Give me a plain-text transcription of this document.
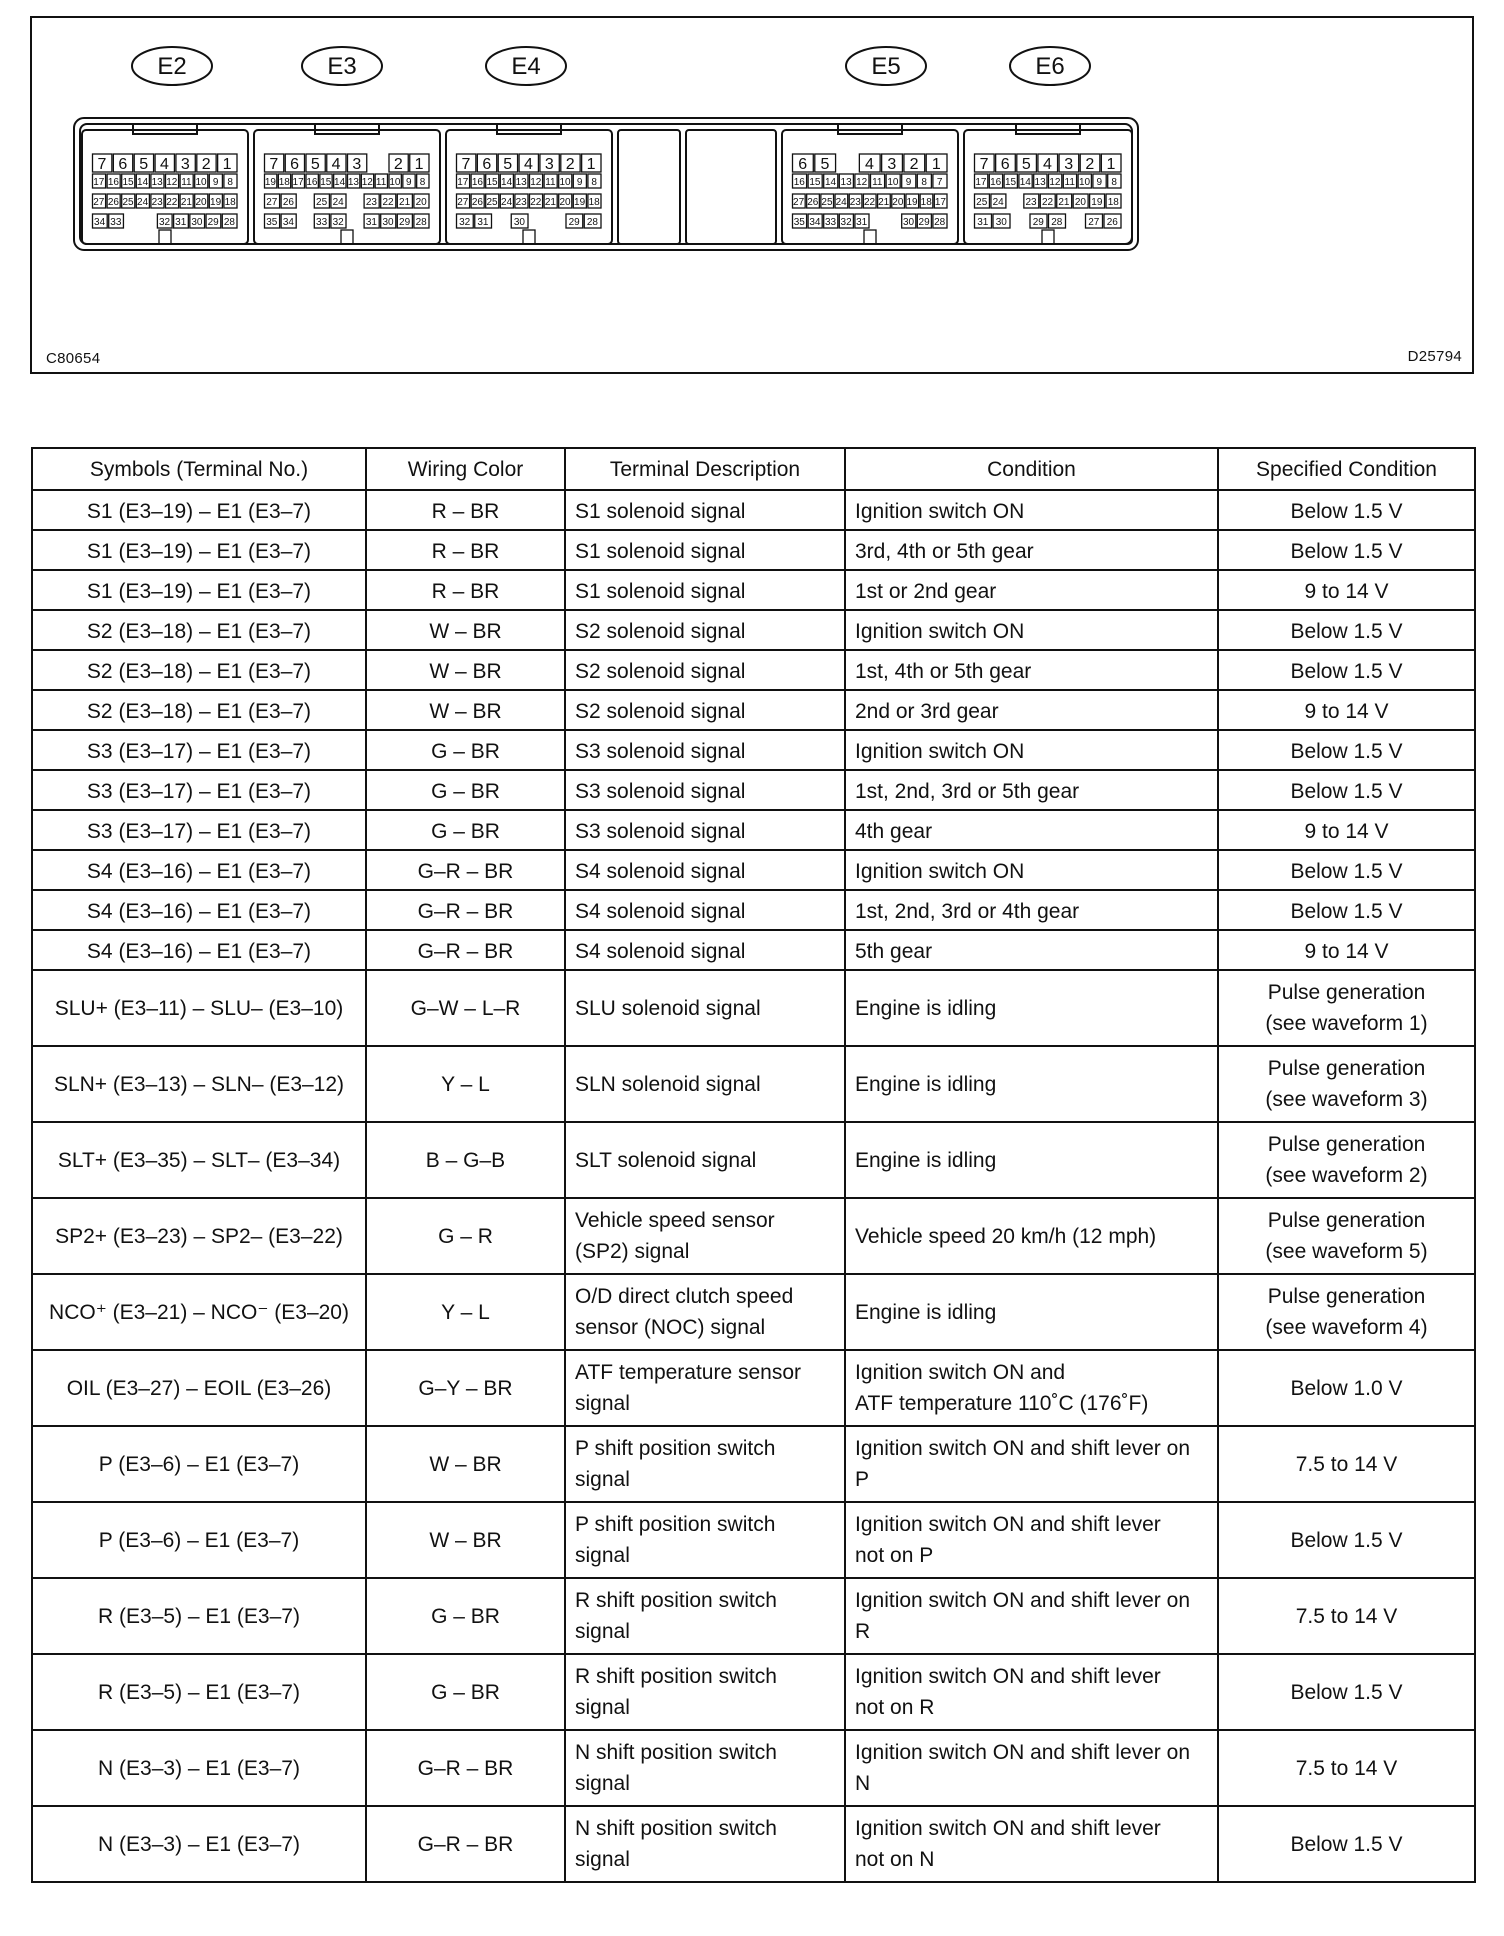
E2	E3	E4	E5	E6
7 6 5 4 3 2 1
17 16 15 14 13 12 11 10 9 8
27 26 25 24 23 22 21 20 19 18
34 33	32 31 30 29 28
7 6 5 4 3 2 1
19 18 17 16 15 14 13 12 11 10 9 8
27 26 25 24 23 22 21 20
35 34 33 32 31 30 29 28
7 6 5 4 3 2 1
17 16 15 14 13 12 11 10 9 8
27 26 25 24 23 22 21 20 19 18
32 31	30	29 28
6 5 4 3 2 1
16 15 14 13 12 11 10 9 8 7
27 26 25 24 23 22 21 20 19 18 17
35 34 33 32 31	30 29 28
7 6 5 4 3 2 1
17 16 15 14 13 12 11 10 9 8
25 24 23 22 21 20 19 18
31 30	29 28	27 26
C80654	D25794
Symbols (Terminal No.)	Wiring Color	Terminal Description	Condition	Specified Condition
S1 (E3–19) – E1 (E3–7)	R – BR	S1 solenoid signal	Ignition switch ON	Below 1.5 V
S1 (E3–19) – E1 (E3–7)	R – BR	S1 solenoid signal	3rd, 4th or 5th gear	Below 1.5 V
S1 (E3–19) – E1 (E3–7)	R – BR	S1 solenoid signal	1st or 2nd gear	9 to 14 V
S2 (E3–18) – E1 (E3–7)	W – BR	S2 solenoid signal	Ignition switch ON	Below 1.5 V
S2 (E3–18) – E1 (E3–7)	W – BR	S2 solenoid signal	1st, 4th or 5th gear	Below 1.5 V
S2 (E3–18) – E1 (E3–7)	W – BR	S2 solenoid signal	2nd or 3rd gear	9 to 14 V
S3 (E3–17) – E1 (E3–7)	G – BR	S3 solenoid signal	Ignition switch ON	Below 1.5 V
S3 (E3–17) – E1 (E3–7)	G – BR	S3 solenoid signal	1st, 2nd, 3rd or 5th gear	Below 1.5 V
S3 (E3–17) – E1 (E3–7)	G – BR	S3 solenoid signal	4th gear	9 to 14 V
S4 (E3–16) – E1 (E3–7)	G–R – BR	S4 solenoid signal	Ignition switch ON	Below 1.5 V
S4 (E3–16) – E1 (E3–7)	G–R – BR	S4 solenoid signal	1st, 2nd, 3rd or 4th gear	Below 1.5 V
S4 (E3–16) – E1 (E3–7)	G–R – BR	S4 solenoid signal	5th gear	9 to 14 V
SLU+ (E3–11) – SLU– (E3–10)	G–W – L–R	SLU solenoid signal	Engine is idling	Pulse generation
(see waveform 1)
SLN+ (E3–13) – SLN– (E3–12)	Y – L	SLN solenoid signal	Engine is idling	Pulse generation
(see waveform 3)
SLT+ (E3–35) – SLT– (E3–34)	B – G–B	SLT solenoid signal	Engine is idling	Pulse generation
(see waveform 2)
SP2+ (E3–23) – SP2– (E3–22)	G – R	Vehicle speed sensor
(SP2) signal	Vehicle speed 20 km/h (12 mph)	Pulse generation
(see waveform 5)
NCO⁺ (E3–21) – NCO⁻ (E3–20)	Y – L	O/D direct clutch speed
sensor (NOC) signal	Engine is idling	Pulse generation
(see waveform 4)
OIL (E3–27) – EOIL (E3–26)	G–Y – BR	ATF temperature sensor
signal	Ignition switch ON and
ATF temperature 110˚C (176˚F)	Below 1.0 V
P (E3–6) – E1 (E3–7)	W – BR	P shift position switch
signal	Ignition switch ON and shift lever on
P	7.5 to 14 V
P (E3–6) – E1 (E3–7)	W – BR	P shift position switch
signal	Ignition switch ON and shift lever
not on P	Below 1.5 V
R (E3–5) – E1 (E3–7)	G – BR	R shift position switch
signal	Ignition switch ON and shift lever on
R	7.5 to 14 V
R (E3–5) – E1 (E3–7)	G – BR	R shift position switch
signal	Ignition switch ON and shift lever
not on R	Below 1.5 V
N (E3–3) – E1 (E3–7)	G–R – BR	N shift position switch
signal	Ignition switch ON and shift lever on
N	7.5 to 14 V
N (E3–3) – E1 (E3–7)	G–R – BR	N shift position switch
signal	Ignition switch ON and shift lever
not on N	Below 1.5 V
